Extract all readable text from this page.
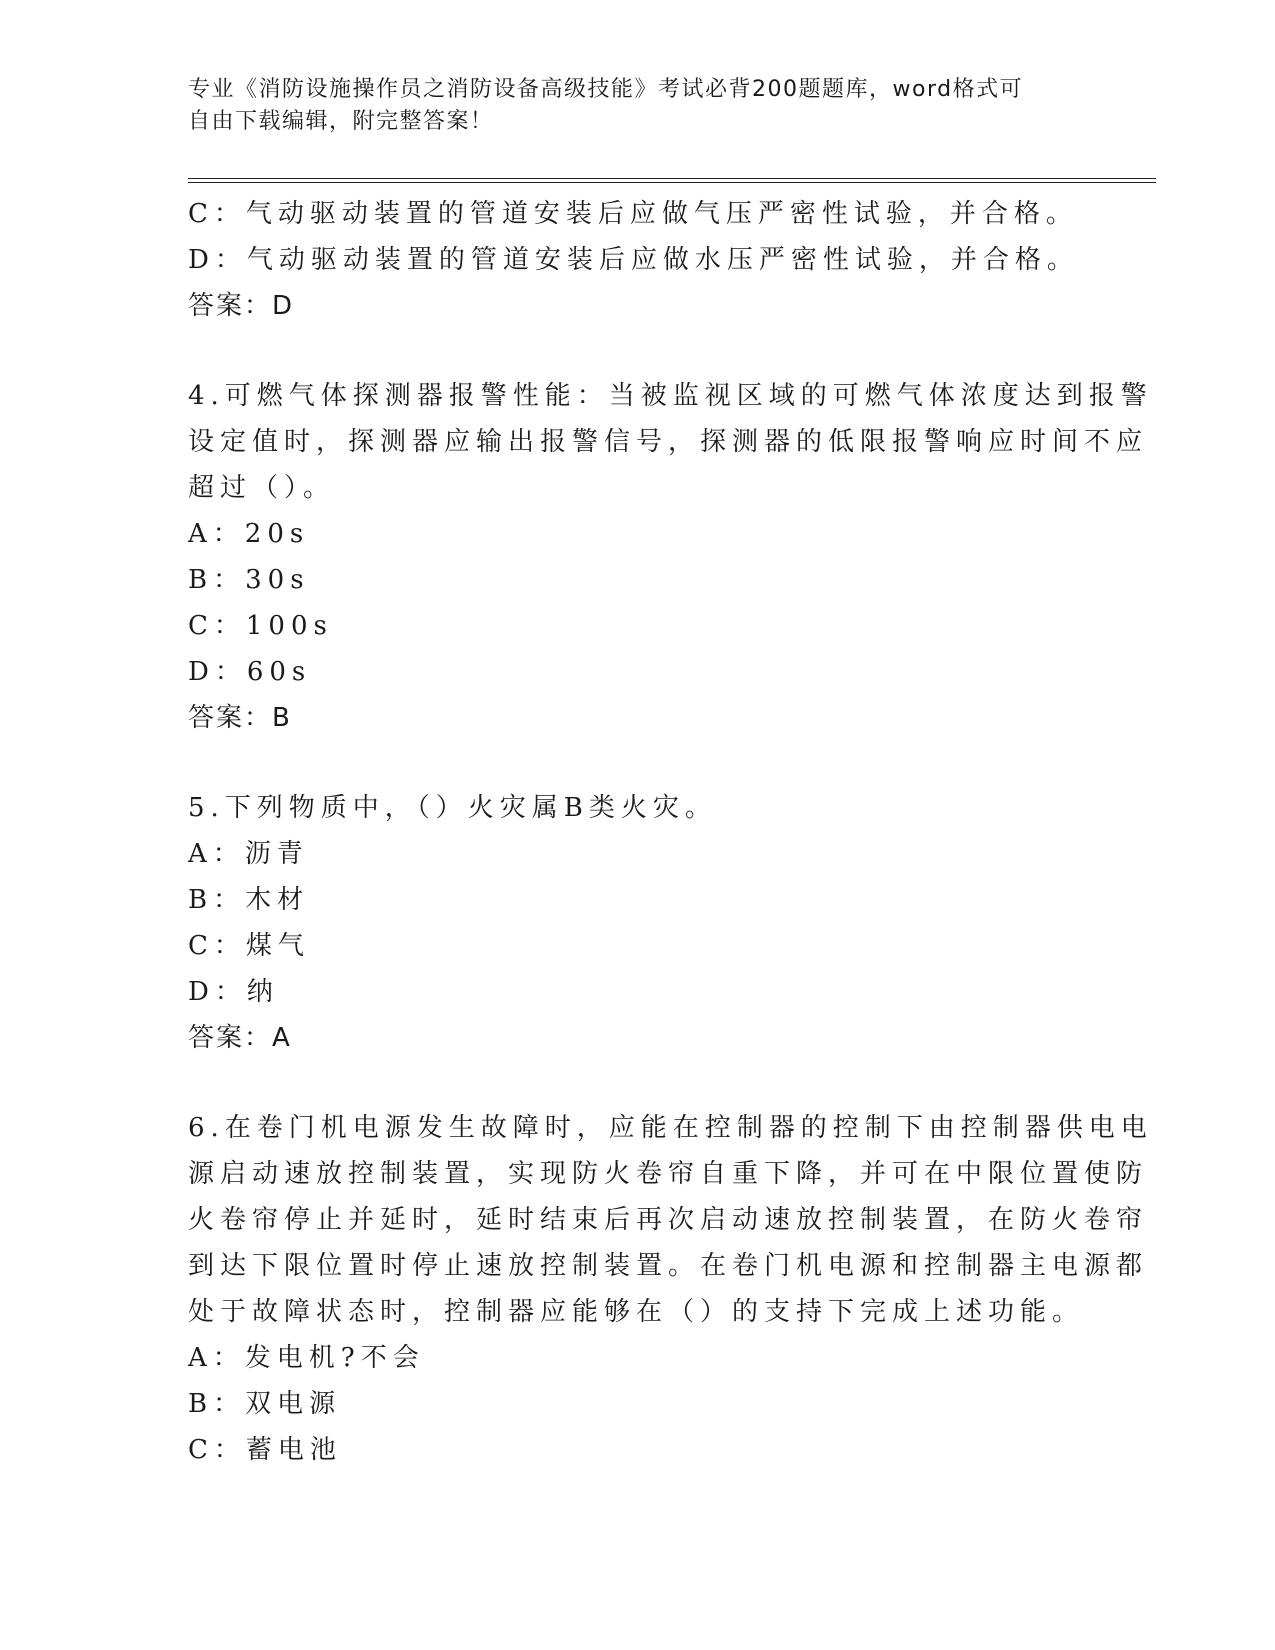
专业《消防设施操作员之消防设备高级技能》考试必背200题题库，word格式可
自由下载编辑，附完整答案！
C：气动驱动装置的管道安装后应做气压严密性试验，并合格。
D：气动驱动装置的管道安装后应做水压严密性试验，并合格。
答案：D
4.可燃气体探测器报警性能：当被监视区域的可燃气体浓度达到报警
设定值时，探测器应输出报警信号，探测器的低限报警响应时间不应
超过（）。
A：20s
B：30s
C：100s
D：60s
答案：B
5.下列物质中，（）火灾属B类火灾。
A：沥青
B：木材
C：煤气
D：纳
答案：A
6.在卷门机电源发生故障时，应能在控制器的控制下由控制器供电电
源启动速放控制装置，实现防火卷帘自重下降，并可在中限位置使防
火卷帘停止并延时，延时结束后再次启动速放控制装置，在防火卷帘
到达下限位置时停止速放控制装置。在卷门机电源和控制器主电源都
处于故障状态时，控制器应能够在（）的支持下完成上述功能。
A：发电机?不会
B：双电源
C：蓄电池
